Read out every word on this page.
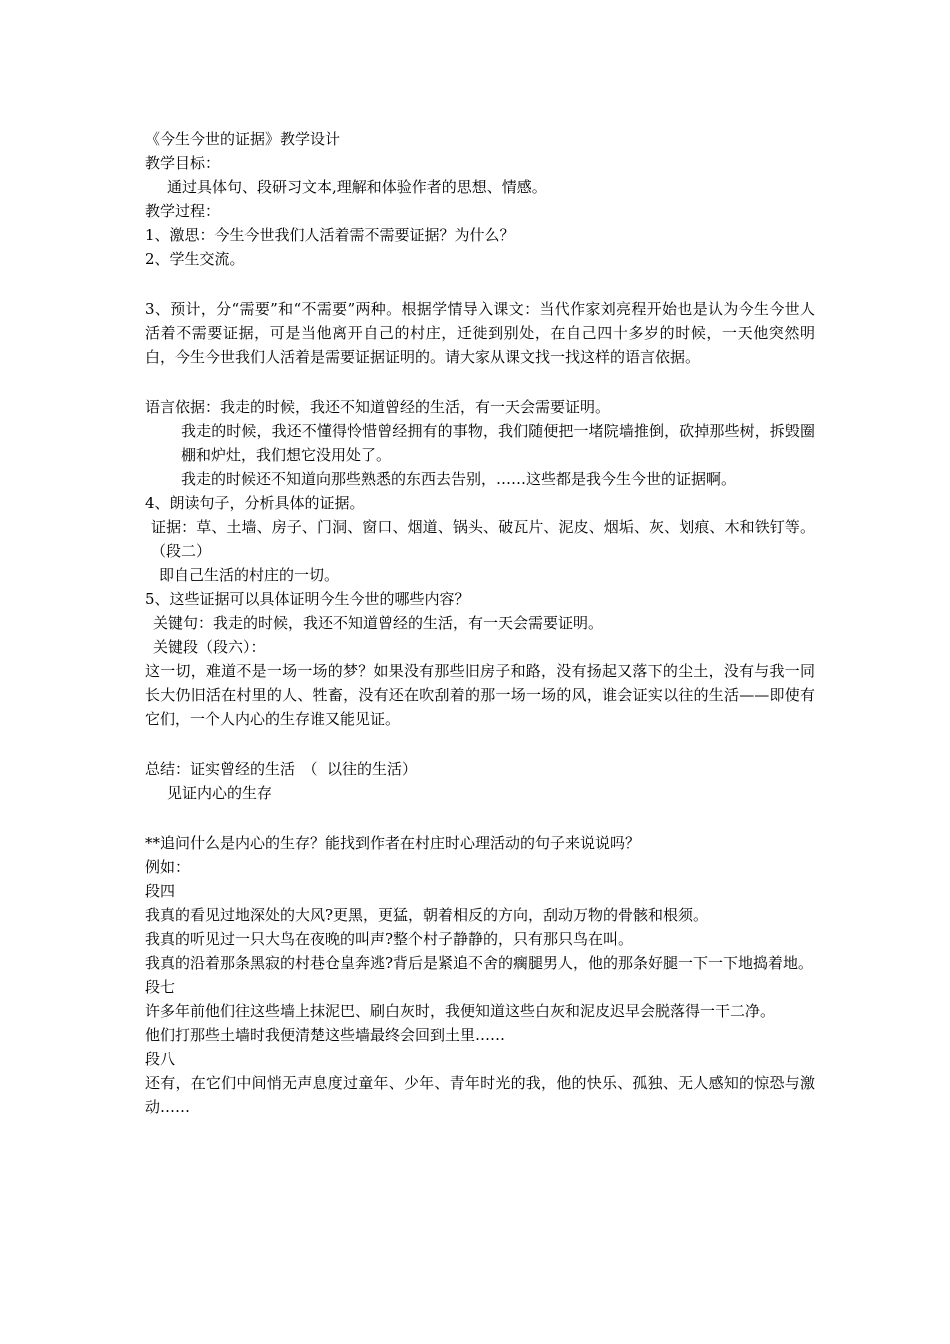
《今生今世的证据》教学设计

教学目标：

通过具体句、段研习文本,理解和体验作者的思想、情感。

教学过程：

1、激思：今生今世我们人活着需不需要证据？为什么？

2、学生交流。

3、预计，分“需要”和“不需要”两种。根据学情导入课文：当代作家刘亮程开始也是认为今生今世人活着不需要证据，可是当他离开自己的村庄，迁徙到别处，在自己四十多岁的时候，一天他突然明白，今生今世我们人活着是需要证据证明的。请大家从课文找一找这样的语言依据。

语言依据：我走的时候，我还不知道曾经的生活，有一天会需要证明。

我走的时候，我还不懂得怜惜曾经拥有的事物，我们随便把一堵院墙推倒，砍掉那些树，拆毁圈棚和炉灶，我们想它没用处了。

我走的时候还不知道向那些熟悉的东西去告别，……这些都是我今生今世的证据啊。

4、朗读句子，分析具体的证据。

证据：草、土墙、房子、门洞、窗口、烟道、锅头、破瓦片、泥皮、烟垢、灰、划痕、木和铁钉等。（段二）

即自己生活的村庄的一切。

5、这些证据可以具体证明今生今世的哪些内容？

关键句：我走的时候，我还不知道曾经的生活，有一天会需要证明。

关键段（段六）：

这一切，难道不是一场一场的梦？如果没有那些旧房子和路，没有扬起又落下的尘土，没有与我一同长大仍旧活在村里的人、牲畜，没有还在吹刮着的那一场一场的风，谁会证实以往的生活——即使有它们，一个人内心的生存谁又能见证。

总结：证实曾经的生活　（  以往的生活）

见证内心的生存

**追问什么是内心的生存？能找到作者在村庄时心理活动的句子来说说吗？

例如：

段四

我真的看见过地深处的大风?更黑，更猛，朝着相反的方向，刮动万物的骨骸和根须。

我真的听见过一只大鸟在夜晚的叫声?整个村子静静的，只有那只鸟在叫。

我真的沿着那条黑寂的村巷仓皇奔逃?背后是紧追不舍的瘸腿男人，他的那条好腿一下一下地捣着地。

段七

许多年前他们往这些墙上抹泥巴、刷白灰时，我便知道这些白灰和泥皮迟早会脱落得一干二净。

他们打那些土墙时我便清楚这些墙最终会回到土里……

段八

还有，在它们中间悄无声息度过童年、少年、青年时光的我，他的快乐、孤独、无人感知的惊恐与激动……
